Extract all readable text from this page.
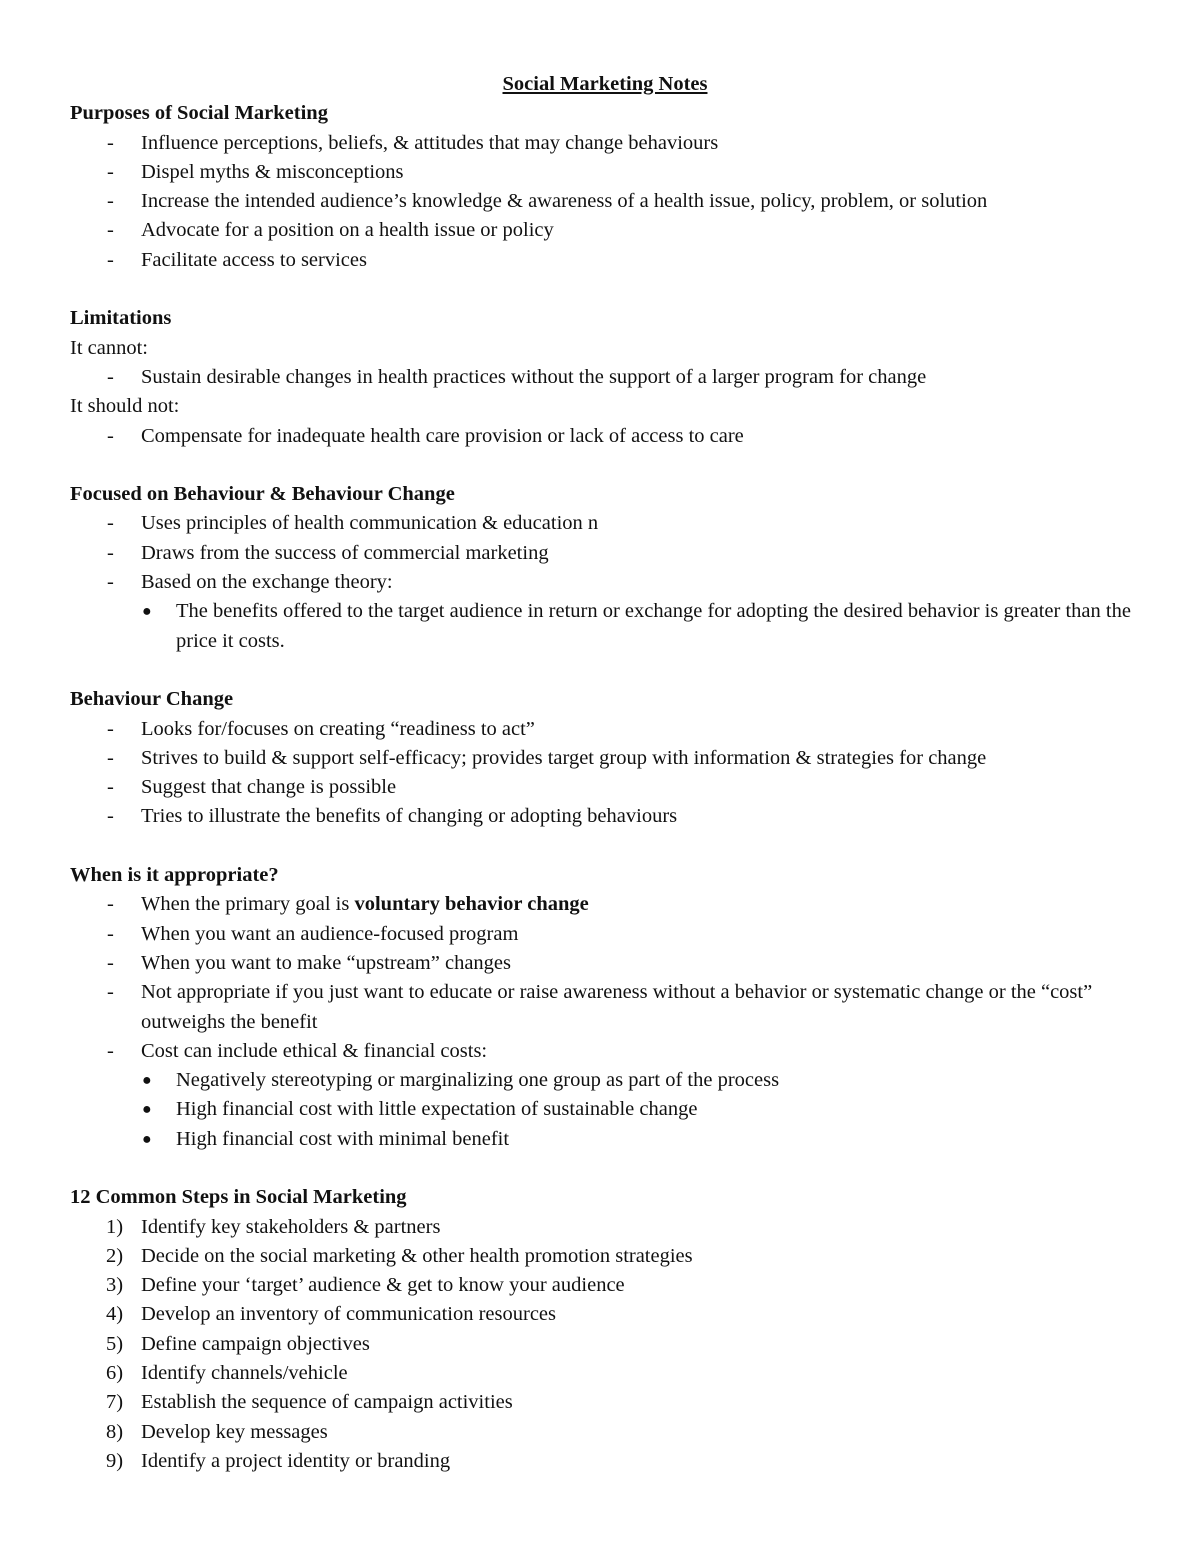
Social Marketing Notes

Purposes of Social Marketing

- Influence perceptions, beliefs, & attitudes that may change behaviours
- Dispel myths & misconceptions
- Increase the intended audience’s knowledge & awareness of a health issue, policy, problem, or solution
- Advocate for a position on a health issue or policy
- Facilitate access to services

Limitations

It cannot:

- Sustain desirable changes in health practices without the support of a larger program for change

It should not:

- Compensate for inadequate health care provision or lack of access to care

Focused on Behaviour & Behaviour Change

- Uses principles of health communication & education n
- Draws from the success of commercial marketing
- Based on the exchange theory:
● The benefits offered to the target audience in return or exchange for adopting the desired behavior is greater than the price it costs.

Behaviour Change

- Looks for/focuses on creating “readiness to act”
- Strives to build & support self-efficacy; provides target group with information & strategies for change
- Suggest that change is possible
- Tries to illustrate the benefits of changing or adopting behaviours

When is it appropriate?

- When the primary goal is voluntary behavior change
- When you want an audience-focused program
- When you want to make “upstream” changes
- Not appropriate if you just want to educate or raise awareness without a behavior or systematic change or the “cost” outweighs the benefit
- Cost can include ethical & financial costs:
● Negatively stereotyping or marginalizing one group as part of the process
● High financial cost with little expectation of sustainable change
● High financial cost with minimal benefit

12 Common Steps in Social Marketing

1) Identify key stakeholders & partners
2) Decide on the social marketing & other health promotion strategies
3) Define your ‘target’ audience & get to know your audience
4) Develop an inventory of communication resources
5) Define campaign objectives
6) Identify channels/vehicle
7) Establish the sequence of campaign activities
8) Develop key messages
9) Identify a project identity or branding
